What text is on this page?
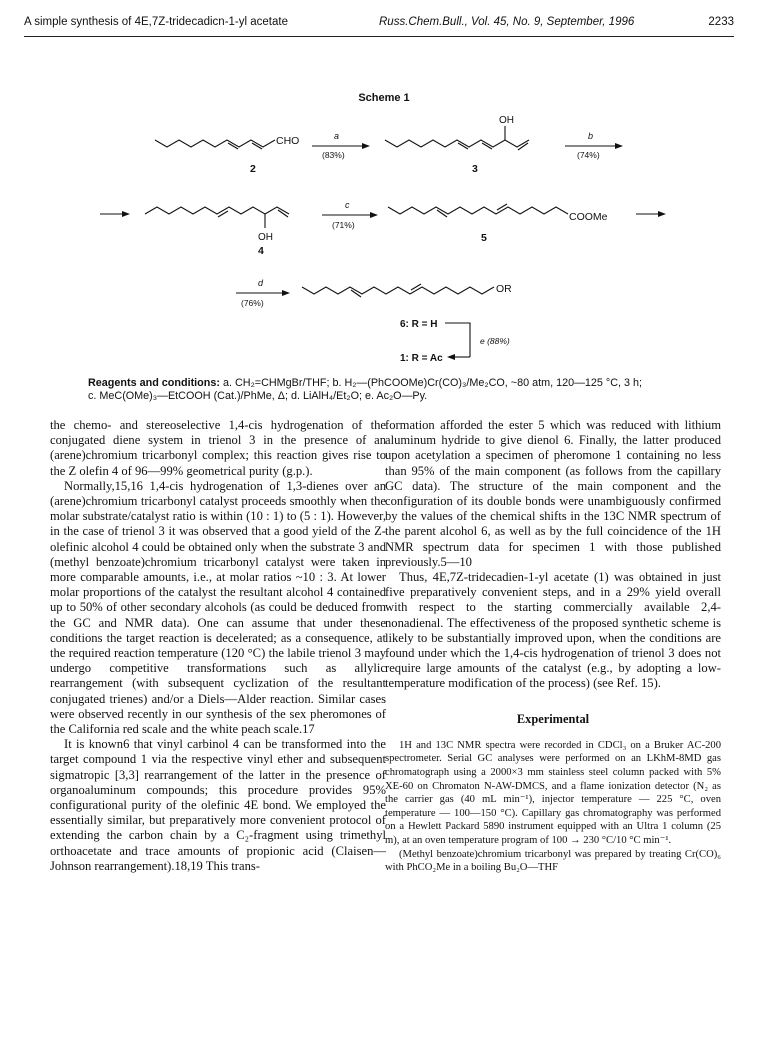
A simple synthesis of 4E,7Z-tridecadicn-1-yl acetate	Russ.Chem.Bull., Vol. 45, No. 9, September, 1996	2233
Scheme 1
CHO
2
a
(83%)
OH
3
b
(74%)
OH
4
c
(71%)
COOMe
5
d
(76%)
OR
6: R = H
1: R = Ac
e (88%)
Reagents and conditions: a. CH₂=CHMgBr/THF; b. H₂—(PhCOOMe)Cr(CO)₃/Me₂CO, ~80 atm, 120—125 °C, 3 h;
c. MeC(OMe)₃—EtCOOH (Cat.)/PhMe, Δ; d. LiAlH₄/Et₂O; e. Ac₂O—Py.

the chemo- and stereoselective 1,4-cis hydrogenation of the conjugated diene system in trienol 3 in the presence of an (arene)chromium tricarbonyl complex; this reaction gives rise to the Z olefin 4 of 96—99% geometrical purity (g.p.).

Normally,15,16 1,4-cis hydrogenation of 1,3-dienes over an (arene)chromium tricarbonyl catalyst proceeds smoothly when the molar substrate/catalyst ratio is within (10 : 1) to (5 : 1). However, in the case of trienol 3 it was observed that a good yield of the Z-olefinic alcohol 4 could be obtained only when the substrate 3 and (methyl benzoate)chromium tricarbonyl catalyst were taken in more comparable amounts, i.e., at molar ratios ~10 : 3. At lower molar proportions of the catalyst the resultant alcohol 4 contained up to 50% of other secondary alcohols (as could be deduced from the GC and NMR data). One can assume that under these conditions the target reaction is decelerated; as a consequence, at the required reaction temperature (120 °C) the labile trienol 3 may undergo competitive transformations such as allylic rearrangement (with subsequent cyclization of the resultant conjugated trienes) and/or a Diels—Alder reaction. Similar cases were observed recently in our synthesis of the sex pheromones of the California red scale and the white peach scale.17

It is known6 that vinyl carbinol 4 can be transformed into the target compound 1 via the respective vinyl ether and subsequent sigmatropic [3,3] rearrangement of the latter in the presence of organoaluminum compounds; this procedure provides 95% configurational purity of the olefinic 4E bond. We employed the essentially similar, but preparatively more convenient protocol of extending the carbon chain by a C₂-fragment using trimethyl orthoacetate and trace amounts of propionic acid (Claisen—Johnson rearrangement).18,19 This trans-

formation afforded the ester 5 which was reduced with lithium aluminum hydride to give dienol 6. Finally, the latter produced upon acetylation a specimen of pheromone 1 containing no less than 95% of the main component (as follows from the capillary GC data). The structure of the main component and the configuration of its double bonds were unambiguously confirmed by the values of the chemical shifts in the 13C NMR spectrum of the parent alcohol 6, as well as by the full coincidence of the 1H NMR spectrum data for specimen 1 with those published previously.5—10

Thus, 4E,7Z-tridecadien-1-yl acetate (1) was obtained in just five preparatively convenient steps, and in a 29% yield overall with respect to the starting commercially available 2,4-nonadienal. The effectiveness of the proposed synthetic scheme is likely to be substantially improved upon, when the conditions are found under which the 1,4-cis hydrogenation of trienol 3 does not require large amounts of the catalyst (e.g., by adopting a low-temperature modification of the process) (see Ref. 15).

Experimental

1H and 13C NMR spectra were recorded in CDCl₃ on a Bruker AC-200 spectrometer. Serial GC analyses were performed on an LKhM-8MD gas chromatograph using a 2000×3 mm stainless steel column packed with 5% XE-60 on Chromaton N-AW-DMCS, and a flame ionization detector (N₂ as the carrier gas (40 mL min⁻¹), injector temperature — 225 °C, oven temperature — 100—150 °C). Capillary gas chromatography was performed on a Hewlett Packard 5890 instrument equipped with an Ultra 1 column (25 m), at an oven temperature program of 100 → 230 °C/10 °C min⁻¹.

(Methyl benzoate)chromium tricarbonyl was prepared by treating Cr(CO)₆ with PhCO₂Me in a boiling Bu₂O—THF
